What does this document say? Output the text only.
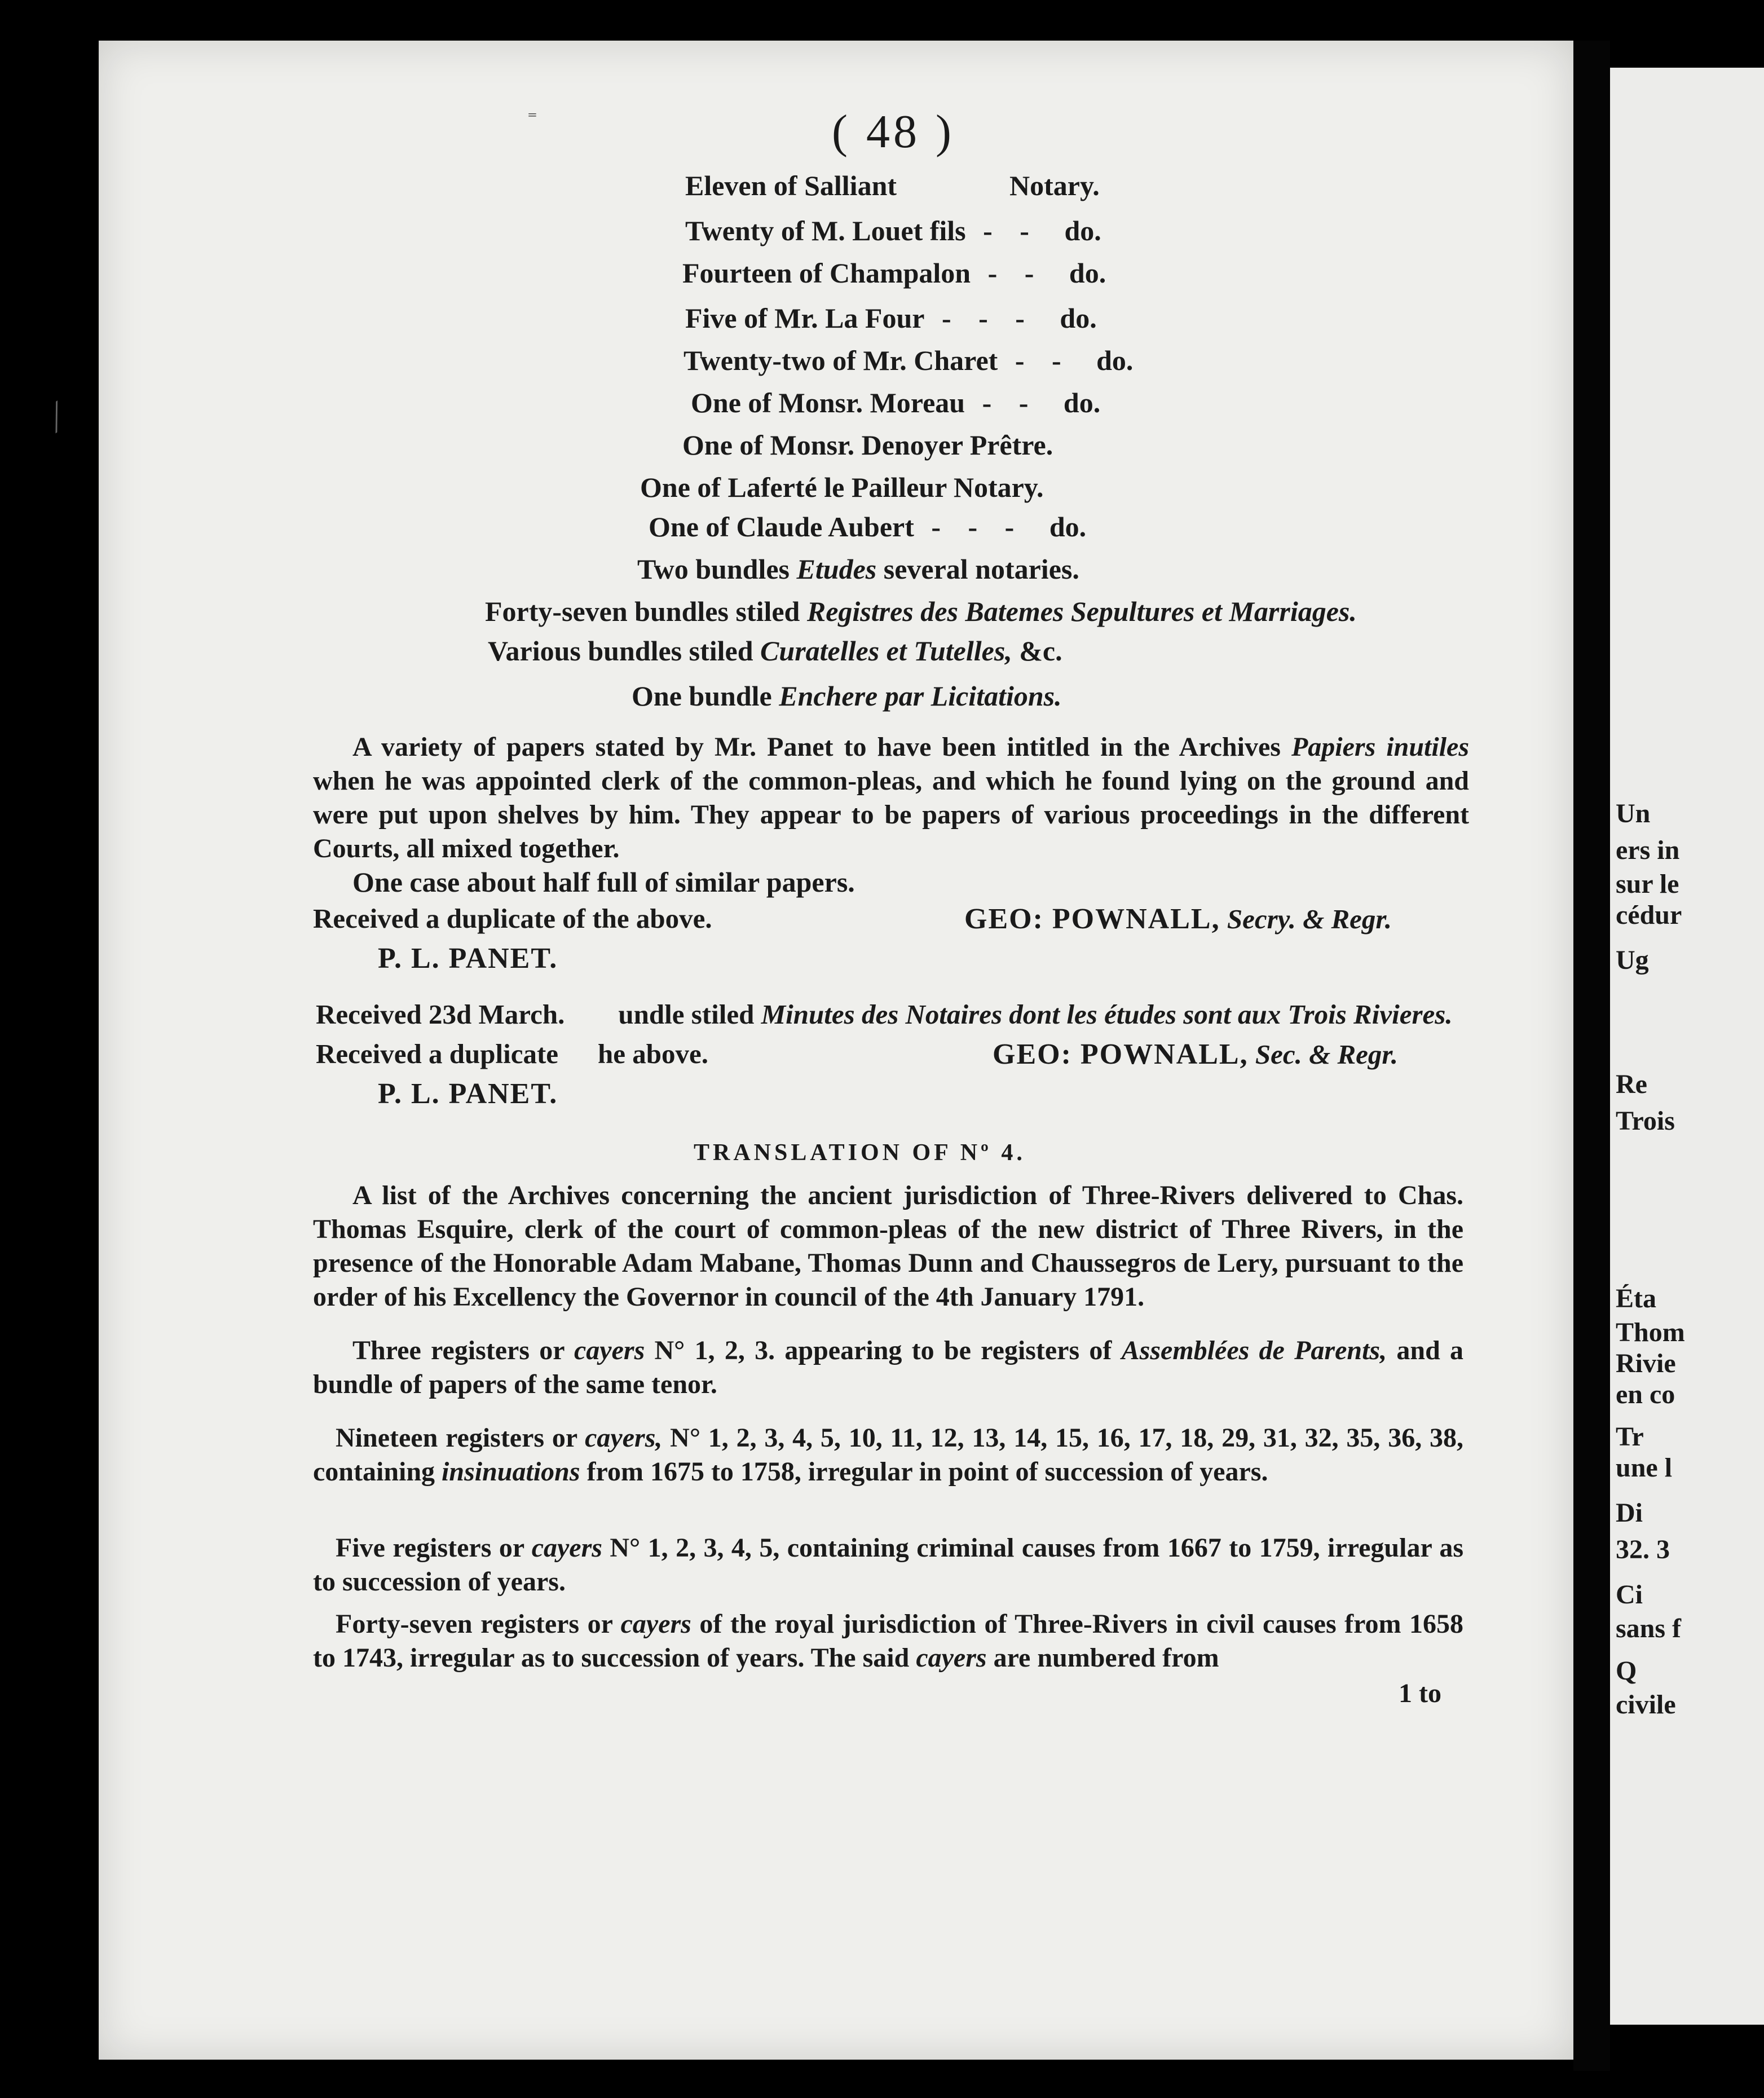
Un
ers in
sur le
cédur
Ug
Re
Trois
Éta
Thom
Rivie
en co
Tr
une l
Di
32. 3
Ci
sans f
Q
civile
( 48 )
Eleven of Salliant	Notary.
Twenty of M. Louet fils - - do.
Fourteen of Champalon - - do.
Five of Mr. La Four - - - do.
Twenty-two of Mr. Charet - - do.
One of Monsr. Moreau - - do.
One of Monsr. Denoyer Prêtre.
One of Laferté le Pailleur Notary.
One of Claude Aubert - - - do.
Two bundles Etudes several notaries.
Forty-seven bundles stiled Registres des Batemes Sepultures et Marriages.
Various bundles stiled Curatelles et Tutelles, &c.
One bundle Enchere par Licitations.
A variety of papers stated by Mr. Panet to have been intitled in the Archives Papiers inutiles when he was appointed clerk of the common-pleas, and which he found lying on the ground and were put upon shelves by him. They appear to be papers of various proceedings in the different Courts, all mixed together.
One case about half full of similar papers.
Received a duplicate of the above.	GEO: POWNALL, Secry. & Regr.
P. L. PANET.
Received 23d March. undle stiled Minutes des Notaires dont les études sont aux Trois Rivieres.
Received a duplicate he above.	GEO: POWNALL, Sec. & Regr.
P. L. PANET.
TRANSLATION OF Nº 4.
A list of the Archives concerning the ancient jurisdiction of Three-Rivers delivered to Chas. Thomas Esquire, clerk of the court of common-pleas of the new district of Three Rivers, in the presence of the Honorable Adam Mabane, Thomas Dunn and Chaussegros de Lery, pursuant to the order of his Excellency the Governor in council of the 4th January 1791.
Three registers or cayers N° 1, 2, 3. appearing to be registers of Assemblées de Parents, and a bundle of papers of the same tenor.
Nineteen registers or cayers, N° 1, 2, 3, 4, 5, 10, 11, 12, 13, 14, 15, 16, 17, 18, 29, 31, 32, 35, 36, 38, containing insinuations from 1675 to 1758, irregular in point of succession of years.
Five registers or cayers N° 1, 2, 3, 4, 5, containing criminal causes from 1667 to 1759, irregular as to succession of years.
Forty-seven registers or cayers of the royal jurisdiction of Three-Rivers in civil causes from 1658 to 1743, irregular as to succession of years. The said cayers are numbered from
1 to
⁼
⁄
